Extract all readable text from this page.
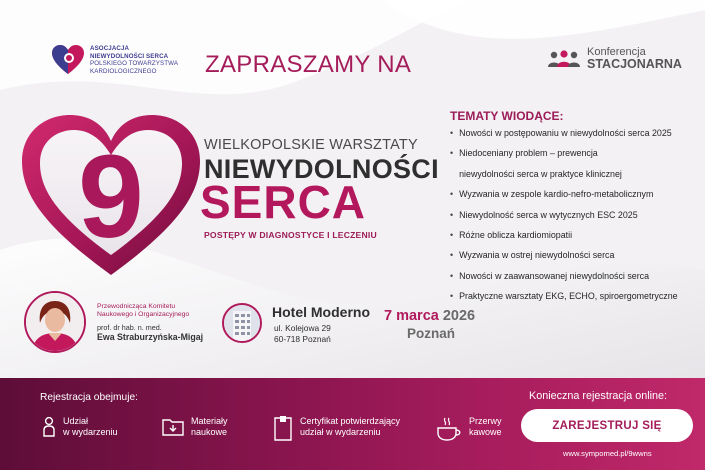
ASOCJACJA
NIEWYDOLNOŚCI SERCA
POLSKIEGO TOWARZYSTWA
KARDIOLOGICZNEGO	ZAPRASZAMY NA	Konferencja
STACJONARNA
9	WIELKOPOLSKIE WARSZTATY
NIEWYDOLNOŚCI
SERCA
POSTĘPY W DIAGNOSTYCE I LECZENIU
TEMATY WIODĄCE:
• Nowości w postępowaniu w niewydolności serca 2025
• Niedoceniany problem – prewencja
niewydolności serca w praktyce klinicznej
• Wyzwania w zespole kardio-nefro-metabolicznym
• Niewydolność serca w wytycznych ESC 2025
• Różne oblicza kardiomiopatii
• Wyzwania w ostrej niewydolności serca
• Nowości w zaawansowanej niewydolności serca
• Praktyczne warsztaty EKG, ECHO, spiroergometryczne
Przewodnicząca Komitetu
Naukowego i Organizacyjnego
prof. dr hab. n. med.
Ewa Straburzyńska-Migaj
Hotel Moderno
ul. Kolejowa 29
60-718 Poznań
7 marca 2026
Poznań
Rejestracja obejmuje:
Udział
w wydarzeniu
Materiały
naukowe
Certyfikat potwierdzający
udział w wydarzeniu
Przerwy
kawowe
Konieczna rejestracja online:
ZAREJESTRUJ SIĘ
www.sympomed.pl/9wwns
